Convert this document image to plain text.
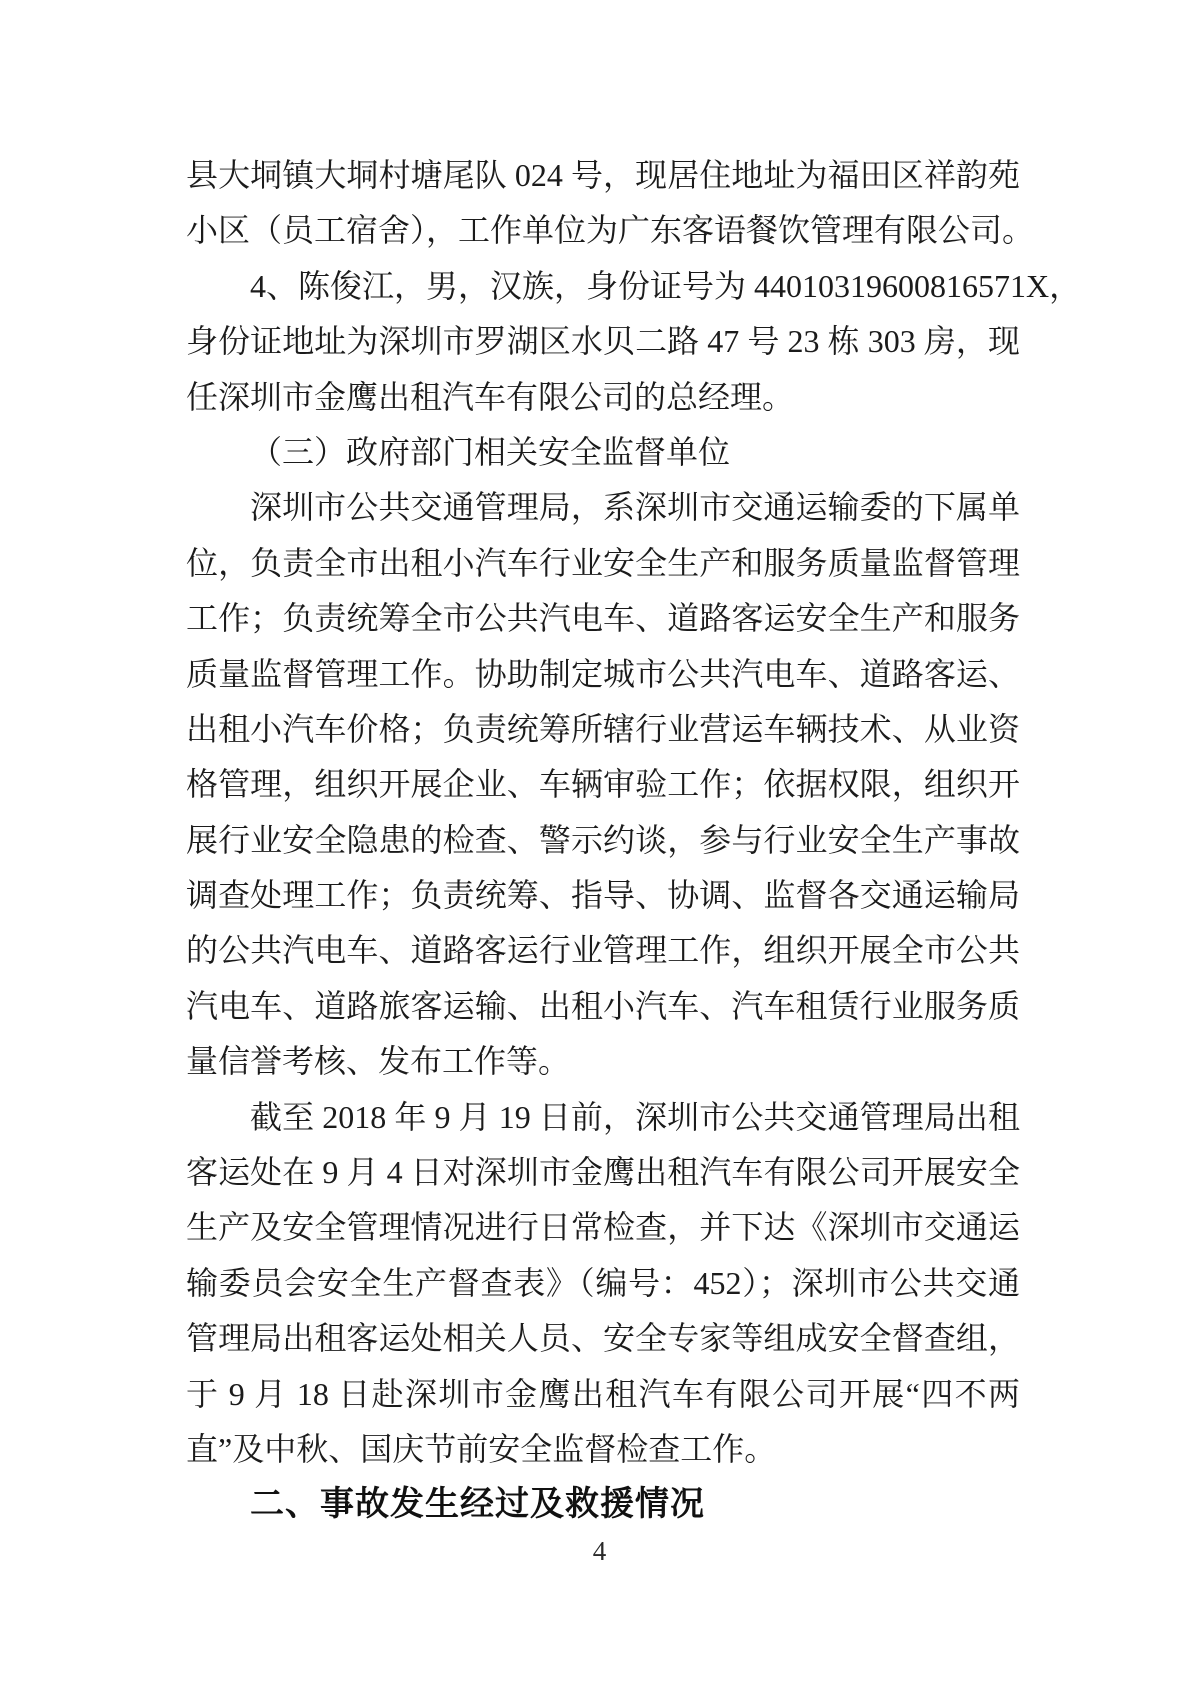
县大垌镇大垌村塘尾队 024 号，现居住地址为福田区祥韵苑
小区（员工宿舍），工作单位为广东客语餐饮管理有限公司。
4、陈俊江，男，汉族，身份证号为 44010319600816571X，
身份证地址为深圳市罗湖区水贝二路 47 号 23 栋 303 房，现
任深圳市金鹰出租汽车有限公司的总经理。
（三）政府部门相关安全监督单位
深圳市公共交通管理局，系深圳市交通运输委的下属单
位，负责全市出租小汽车行业安全生产和服务质量监督管理
工作；负责统筹全市公共汽电车、道路客运安全生产和服务
质量监督管理工作。协助制定城市公共汽电车、道路客运、
出租小汽车价格；负责统筹所辖行业营运车辆技术、从业资
格管理，组织开展企业、车辆审验工作；依据权限，组织开
展行业安全隐患的检查、警示约谈，参与行业安全生产事故
调查处理工作；负责统筹、指导、协调、监督各交通运输局
的公共汽电车、道路客运行业管理工作，组织开展全市公共
汽电车、道路旅客运输、出租小汽车、汽车租赁行业服务质
量信誉考核、发布工作等。
截至 2018 年 9 月 19 日前，深圳市公共交通管理局出租
客运处在 9 月 4 日对深圳市金鹰出租汽车有限公司开展安全
生产及安全管理情况进行日常检查，并下达《深圳市交通运
输委员会安全生产督查表》（编号：452）；深圳市公共交通
管理局出租客运处相关人员、安全专家等组成安全督查组，
于 9 月 18 日赴深圳市金鹰出租汽车有限公司开展“四不两
直”及中秋、国庆节前安全监督检查工作。
二、事故发生经过及救援情况
4
